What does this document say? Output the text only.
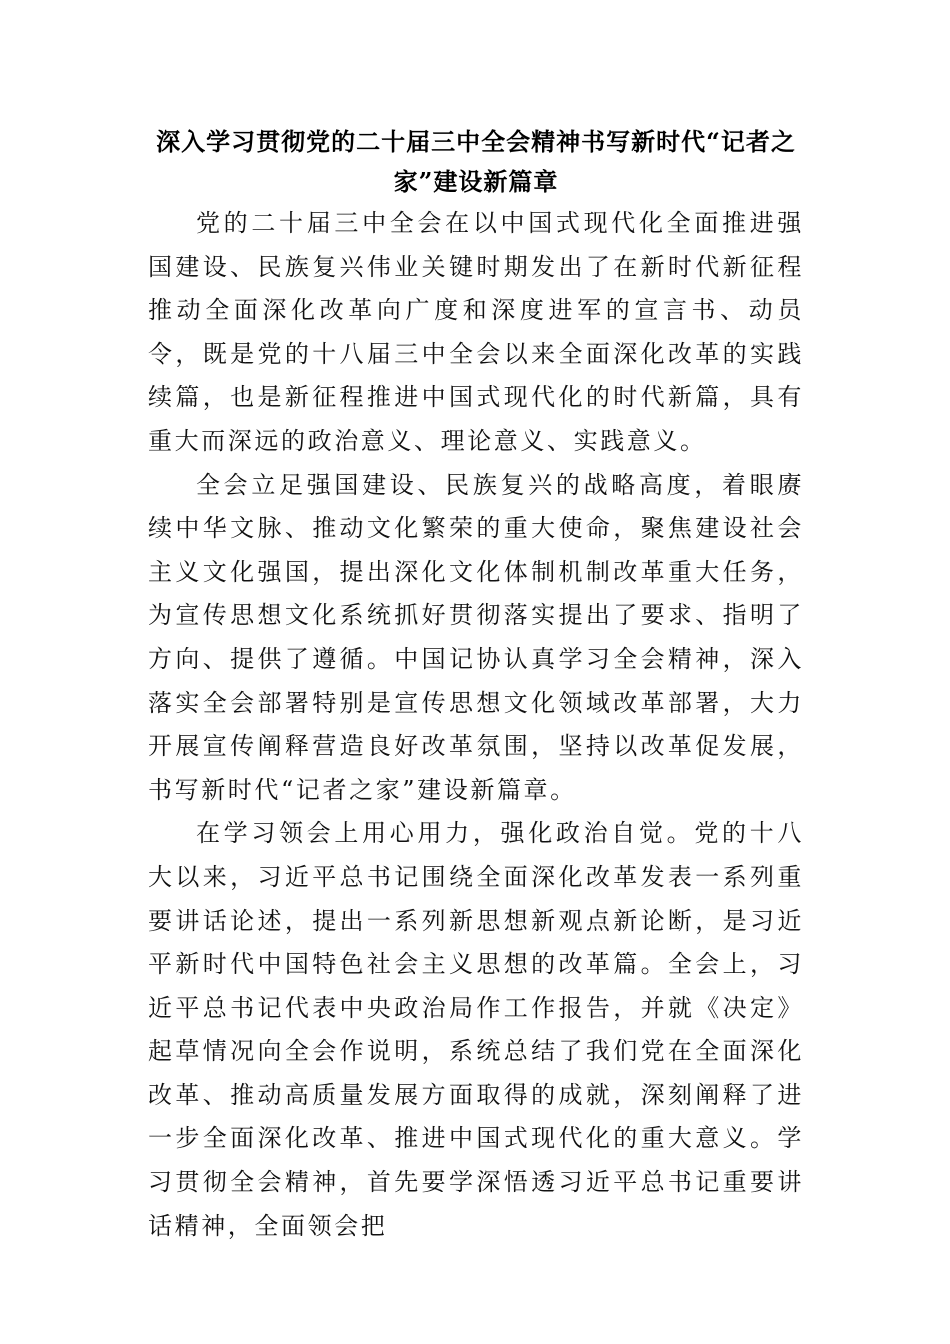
深入学习贯彻党的二十届三中全会精神书写新时代“记者之家”建设新篇章

党的二十届三中全会在以中国式现代化全面推进强国建设、民族复兴伟业关键时期发出了在新时代新征程推动全面深化改革向广度和深度进军的宣言书、动员令，既是党的十八届三中全会以来全面深化改革的实践续篇，也是新征程推进中国式现代化的时代新篇，具有重大而深远的政治意义、理论意义、实践意义。

全会立足强国建设、民族复兴的战略高度，着眼赓续中华文脉、推动文化繁荣的重大使命，聚焦建设社会主义文化强国，提出深化文化体制机制改革重大任务，为宣传思想文化系统抓好贯彻落实提出了要求、指明了方向、提供了遵循。中国记协认真学习全会精神，深入落实全会部署特别是宣传思想文化领域改革部署，大力开展宣传阐释营造良好改革氛围，坚持以改革促发展，书写新时代“记者之家”建设新篇章。

在学习领会上用心用力，强化政治自觉。党的十八大以来，习近平总书记围绕全面深化改革发表一系列重要讲话论述，提出一系列新思想新观点新论断，是习近平新时代中国特色社会主义思想的改革篇。全会上，习近平总书记代表中央政治局作工作报告，并就《决定》起草情况向全会作说明，系统总结了我们党在全面深化改革、推动高质量发展方面取得的成就，深刻阐释了进一步全面深化改革、推进中国式现代化的重大意义。学习贯彻全会精神，首先要学深悟透习近平总书记重要讲话精神，全面领会把
